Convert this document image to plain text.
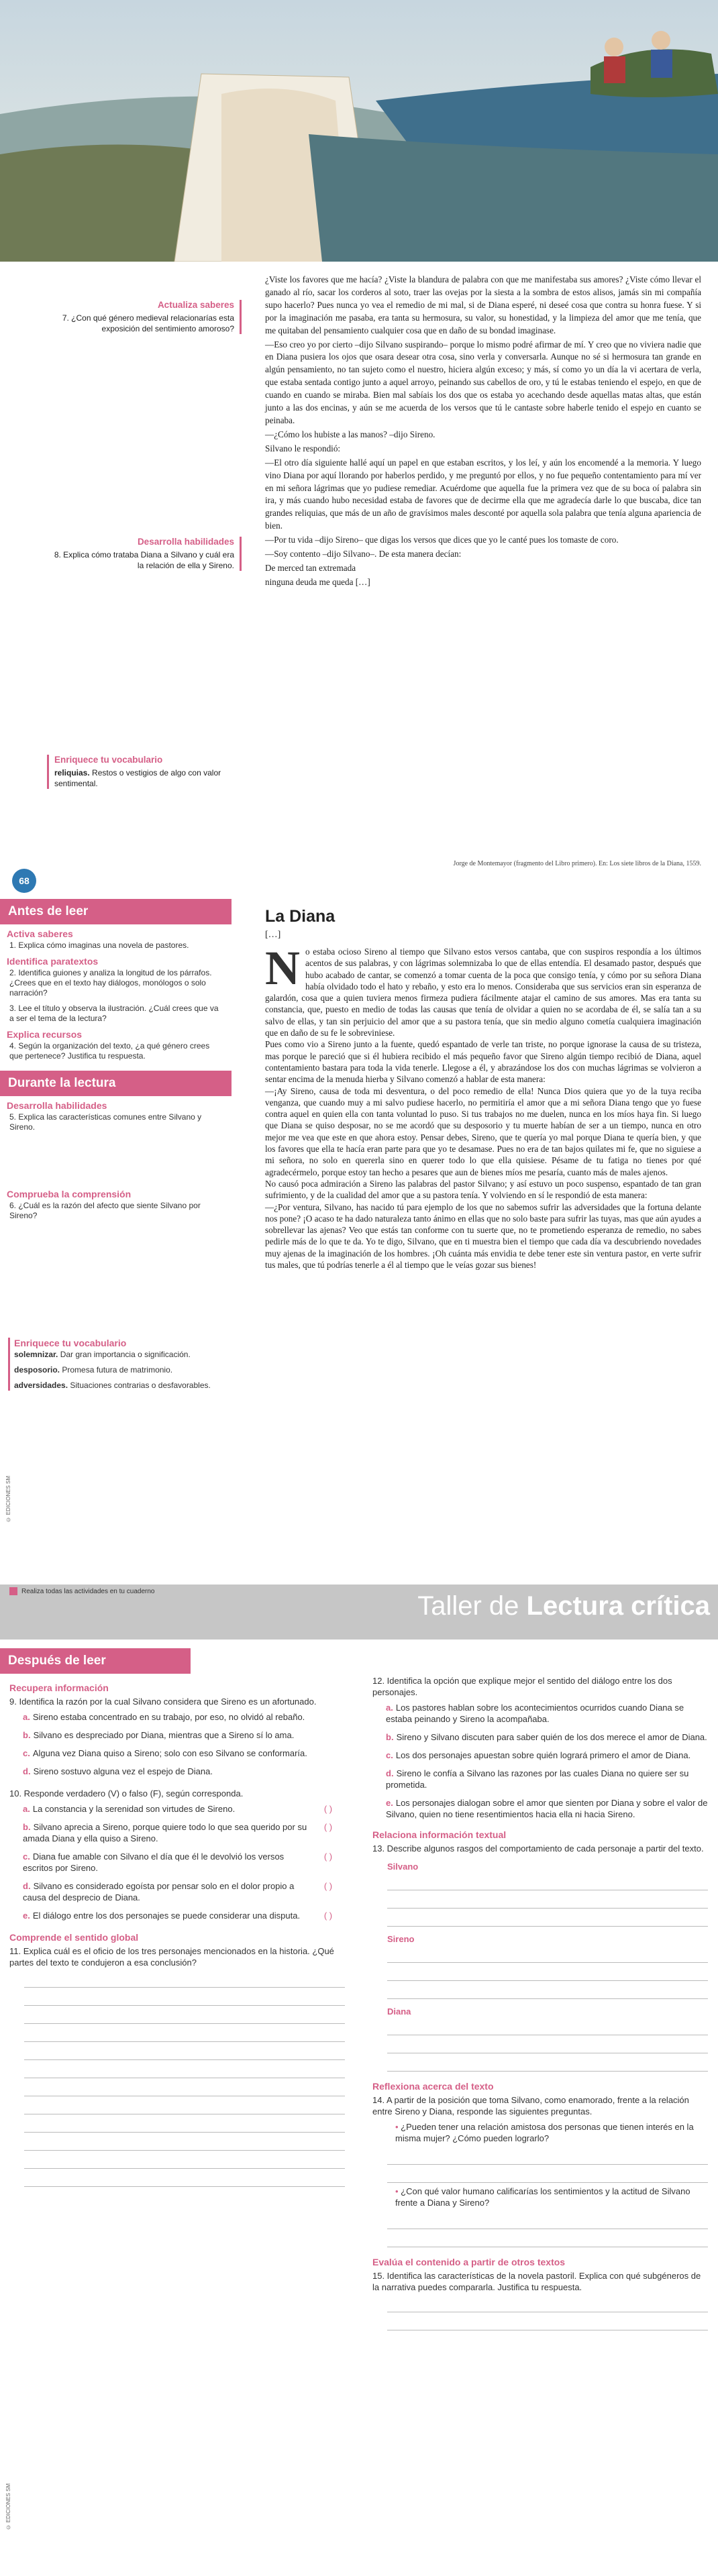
Actualiza saberes
7. ¿Con qué género medieval relacionarías esta exposición del sentimiento amoroso?
Desarrolla habilidades
8. Explica cómo trataba Diana a Silvano y cuál era la relación de ella y Sireno.
Enriquece tu vocabulario
reliquias. Restos o vestigios de algo con valor sentimental.

¿Viste los favores que me hacía? ¿Viste la blandura de palabra con que me manifestaba sus amores? ¿Viste cómo llevar el ganado al río, sacar los corderos al soto, traer las ovejas por la siesta a la sombra de estos alisos, jamás sin mi compañía supo hacerlo? Pues nunca yo vea el remedio de mi mal, si de Diana esperé, ni deseé cosa que contra su honra fuese. Y si por la imaginación me pasaba, era tanta su hermosura, su valor, su honestidad, y la limpieza del amor que me tenía, que me quitaban del pensamiento cualquier cosa que en daño de su bondad imaginase.

—Eso creo yo por cierto –dijo Silvano suspirando– porque lo mismo podré afirmar de mí. Y creo que no viviera nadie que en Diana pusiera los ojos que osara desear otra cosa, sino verla y conversarla. Aunque no sé si hermosura tan grande en algún pensamiento, no tan sujeto como el nuestro, hiciera algún exceso; y más, sí como yo un día la vi acertara de verla, que estaba sentada contigo junto a aquel arroyo, peinando sus cabellos de oro, y tú le estabas teniendo el espejo, en que de cuando en cuando se miraba. Bien mal sabíais los dos que os estaba yo acechando desde aquellas matas altas, que están junto a las dos encinas, y aún se me acuerda de los versos que tú le cantaste sobre haberle tenido el espejo en cuanto se peinaba.

—¿Cómo los hubiste a las manos? –dijo Sireno.

Silvano le respondió:

—El otro día siguiente hallé aquí un papel en que estaban escritos, y los leí, y aún los encomendé a la memoria. Y luego vino Diana por aquí llorando por haberlos perdido, y me preguntó por ellos, y no fue pequeño contentamiento para mí ver en mi señora lágrimas que yo pudiese remediar. Acuérdome que aquella fue la primera vez que de su boca oí palabra sin ira, y más cuando hubo necesidad estaba de favores que de decirme ella que me agradecía darle lo que buscaba, dice tan grandes reliquias, que más de un año de gravísimos males desconté por aquella sola palabra que tenía alguna apariencia de bien.

—Por tu vida –dijo Sireno– que digas los versos que dices que yo le canté pues los tomaste de coro.

—Soy contento –dijo Silvano–. De esta manera decían:

De merced tan extremada

ninguna deuda me queda […]

Jorge de Montemayor (fragmento del Libro primero). En: Los siete libros de la Diana, 1559.
68
Antes de leer
Activa saberes
1. Explica cómo imaginas una novela de pastores.
Identifica paratextos
2. Identifica guiones y analiza la longitud de los párrafos. ¿Crees que en el texto hay diálogos, monólogos o solo narración?
3. Lee el título y observa la ilustración. ¿Cuál crees que va a ser el tema de la lectura?
Explica recursos
4. Según la organización del texto, ¿a qué género crees que pertenece? Justifica tu respuesta.
Durante la lectura
Desarrolla habilidades
5. Explica las características comunes entre Silvano y Sireno.
Comprueba la comprensión
6. ¿Cuál es la razón del afecto que siente Silvano por Sireno?
Enriquece tu vocabulario
solemnizar. Dar gran importancia o significación.
desposorio. Promesa futura de matrimonio.
adversidades. Situaciones contrarias o desfavorables.
© EDICIONES SM
La Diana
[…]
N o estaba ocioso Sireno al tiempo que Silvano estos versos cantaba, que con suspiros respondía a los últimos acentos de sus palabras, y con lágrimas solemnizaba lo que de ellas entendía. El desamado pastor, después que hubo acabado de cantar, se comenzó a tomar cuenta de la poca que consigo tenía, y cómo por su señora Diana había olvidado todo el hato y rebaño, y esto era lo menos. Consideraba que sus servicios eran sin esperanza de galardón, cosa que a quien tuviera menos firmeza pudiera fácilmente atajar el camino de sus amores. Mas era tanta su constancia, que, puesto en medio de todas las causas que tenía de olvidar a quien no se acordaba de él, se salía tan a su salvo de ellas, y tan sin perjuicio del amor que a su pastora tenía, que sin medio alguno cometía cualquiera imaginación que en daño de su fe le sobreviniese.

Pues como vio a Sireno junto a la fuente, quedó espantado de verle tan triste, no porque ignorase la causa de su tristeza, mas porque le pareció que si él hubiera recibido el más pequeño favor que Sireno algún tiempo recibió de Diana, aquel contentamiento bastara para toda la vida tenerle. Llegose a él, y abrazándose los dos con muchas lágrimas se volvieron a sentar encima de la menuda hierba y Silvano comenzó a hablar de esta manera:

—¡Ay Sireno, causa de toda mi desventura, o del poco remedio de ella! Nunca Dios quiera que yo de la tuya reciba venganza, que cuando muy a mi salvo pudiese hacerlo, no permitiría el amor que a mi señora Diana tengo que yo fuese contra aquel en quien ella con tanta voluntad lo puso. Si tus trabajos no me duelen, nunca en los míos haya fin. Si luego que Diana se quiso desposar, no se me acordó que su desposorio y tu muerte habían de ser a un tiempo, nunca en otro mejor me vea que este en que ahora estoy. Pensar debes, Sireno, que te quería yo mal porque Diana te quería bien, y que los favores que ella te hacía eran parte para que yo te desamase. Pues no era de tan bajos quilates mi fe, que no siguiese a mi señora, no solo en quererla sino en querer todo lo que ella quisiese. Pésame de tu fatiga no tienes por qué agradecérmelo, porque estoy tan hecho a pesares que aun de bienes míos me pesaría, cuanto más de males ajenos.

No causó poca admiración a Sireno las palabras del pastor Silvano; y así estuvo un poco suspenso, espantado de tan gran sufrimiento, y de la cualidad del amor que a su pastora tenía. Y volviendo en sí le respondió de esta manera:

—¿Por ventura, Silvano, has nacido tú para ejemplo de los que no sabemos sufrir las adversidades que la fortuna delante nos pone? ¡O acaso te ha dado naturaleza tanto ánimo en ellas que no solo baste para sufrir las tuyas, mas que aún ayudes a sobrellevar las ajenas? Veo que estás tan conforme con tu suerte que, no te prometiendo esperanza de remedio, no sabes pedirle más de lo que te da. Yo te digo, Silvano, que en ti muestra bien el tiempo que cada día va descubriendo novedades muy ajenas de la imaginación de los hombres. ¡Oh cuánta más envidia te debe tener este sin ventura pastor, en verte sufrir tus males, que tú podrías tenerle a él al tiempo que le veías gozar sus bienes!

Realiza todas las actividades en tu cuaderno	Taller de Lectura crítica
Después de leer
Recupera información
9. Identifica la razón por la cual Silvano considera que Sireno es un afortunado.
a. Sireno estaba concentrado en su trabajo, por eso, no olvidó al rebaño.
b. Silvano es despreciado por Diana, mientras que a Sireno sí lo ama.
c. Alguna vez Diana quiso a Sireno; solo con eso Silvano se conformaría.
d. Sireno sostuvo alguna vez el espejo de Diana.
10. Responde verdadero (V) o falso (F), según corresponda.
a. La constancia y la serenidad son virtudes de Sireno.	( )
b. Silvano aprecia a Sireno, porque quiere todo lo que sea querido por su amada Diana y ella quiso a Sireno.
( )
c. Diana fue amable con Silvano el día que él le devolvió los versos escritos por Sireno.
( )
d. Silvano es considerado egoísta por pensar solo en el dolor propio a causa del desprecio de Diana.
( )
e. El diálogo entre los dos personajes se puede considerar una disputa.	( )
Comprende el sentido global
11. Explica cuál es el oficio de los tres personajes mencionados en la historia. ¿Qué partes del texto te condujeron a esa conclusión?
12. Identifica la opción que explique mejor el sentido del diálogo entre los dos personajes.
a. Los pastores hablan sobre los acontecimientos ocurridos cuando Diana se estaba peinando y Sireno la acompañaba.
b. Sireno y Silvano discuten para saber quién de los dos merece el amor de Diana.
c. Los dos personajes apuestan sobre quién logrará primero el amor de Diana.
d. Sireno le confía a Silvano las razones por las cuales Diana no quiere ser su prometida.
e. Los personajes dialogan sobre el amor que sienten por Diana y sobre el valor de Silvano, quien no tiene resentimientos hacia ella ni hacia Sireno.
Relaciona información textual
13. Describe algunos rasgos del comportamiento de cada personaje a partir del texto.
Silvano
Sireno
Diana
Reflexiona acerca del texto
14. A partir de la posición que toma Silvano, como enamorado, frente a la relación entre Sireno y Diana, responde las siguientes preguntas.
• ¿Pueden tener una relación amistosa dos personas que tienen interés en la misma mujer? ¿Cómo pueden lograrlo?
• ¿Con qué valor humano calificarías los sentimientos y la actitud de Silvano frente a Diana y Sireno?
Evalúa el contenido a partir de otros textos
15. Identifica las características de la novela pastoril. Explica con qué subgéneros de la narrativa puedes compararla. Justifica tu respuesta.
© EDICIONES SM
